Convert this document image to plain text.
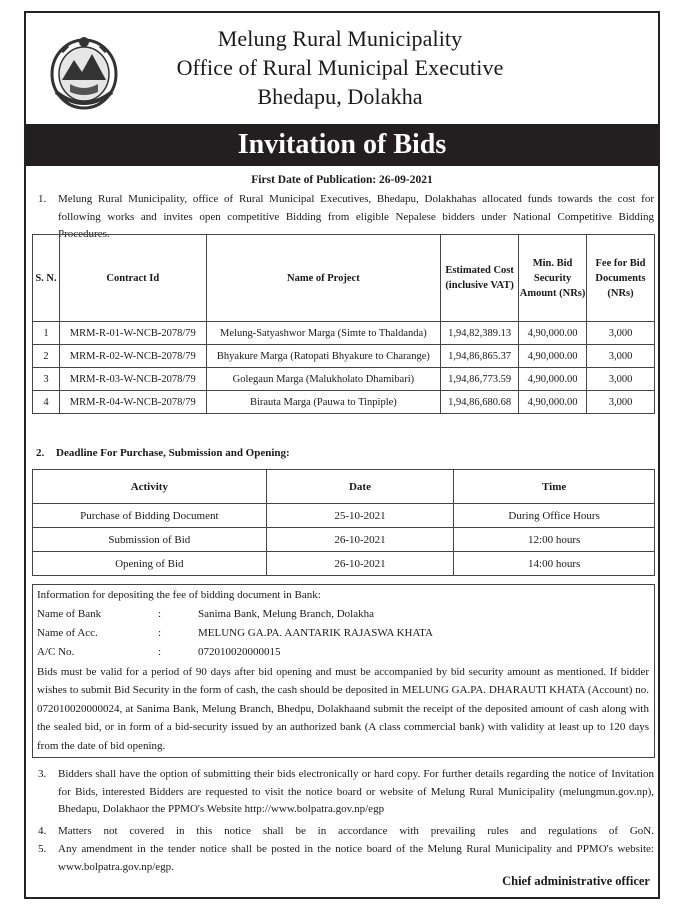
Melung Rural Municipality
Office of Rural Municipal Executive
Bhedapu, Dolakha
Invitation of Bids
First Date of Publication: 26-09-2021
1. Melung Rural Municipality, office of Rural Municipal Executives, Bhedapu, Dolakhahas allocated funds towards the cost for following works and invites open competitive Bidding from eligible Nepalese bidders under National Competitive Bidding Procedures.
S. N.	Contract Id	Name of Project	Estimated Cost (inclusive VAT)	Min. Bid Security Amount (NRs)	Fee for Bid Documents (NRs)
1	MRM-R-01-W-NCB-2078/79	Melung-Satyashwor Marga (Simte to Thaldanda)	1,94,82,389.13	4,90,000.00	3,000
2	MRM-R-02-W-NCB-2078/79	Bhyakure Marga (Ratopati Bhyakure to Charange)	1,94,86,865.37	4,90,000.00	3,000
3	MRM-R-03-W-NCB-2078/79	Golegaun Marga (Malukholato Dhamibari)	1,94,86,773.59	4,90,000.00	3,000
4	MRM-R-04-W-NCB-2078/79	Birauta Marga (Pauwa to Tinpiple)	1,94,86,680.68	4,90,000.00	3,000
2. Deadline For Purchase, Submission and Opening:
Activity	Date	Time
Purchase of Bidding Document	25-10-2021	During Office Hours
Submission of Bid	26-10-2021	12:00 hours
Opening of Bid	26-10-2021	14:00 hours
Information for depositing the fee of bidding document in Bank:
Name of Bank	:	Sanima Bank, Melung Branch, Dolakha
Name of Acc.	:	MELUNG GA.PA. AANTARIK RAJASWA KHATA
A/C No.	:	072010020000015
Bids must be valid for a period of 90 days after bid opening and must be accompanied by bid security amount as mentioned. If bidder wishes to submit Bid Security in the form of cash, the cash should be deposited in MELUNG GA.PA. DHARAUTI KHATA (Account) no. 072010020000024, at Sanima Bank, Melung Branch, Bhedpu, Dolakhaand submit the receipt of the deposited amount of cash along with the sealed bid, or in form of a bid-security issued by an authorized bank (A class commercial bank) with validity at least up to 120 days from the date of bid opening.
3. Bidders shall have the option of submitting their bids electronically or hard copy. For further details regarding the notice of Invitation for Bids, interested Bidders are requested to visit the notice board or website of Melung Rural Municipality (melungmun.gov.np), Bhedapu, Dolakhaor the PPMO's Website http://www.bolpatra.gov.np/egp
4. Matters not covered in this notice shall be in accordance with prevailing rules and regulations of GoN.
5. Any amendment in the tender notice shall be posted in the notice board of the Melung Rural Municipality and PPMO's website: www.bolpatra.gov.np/egp.
Chief administrative officer
